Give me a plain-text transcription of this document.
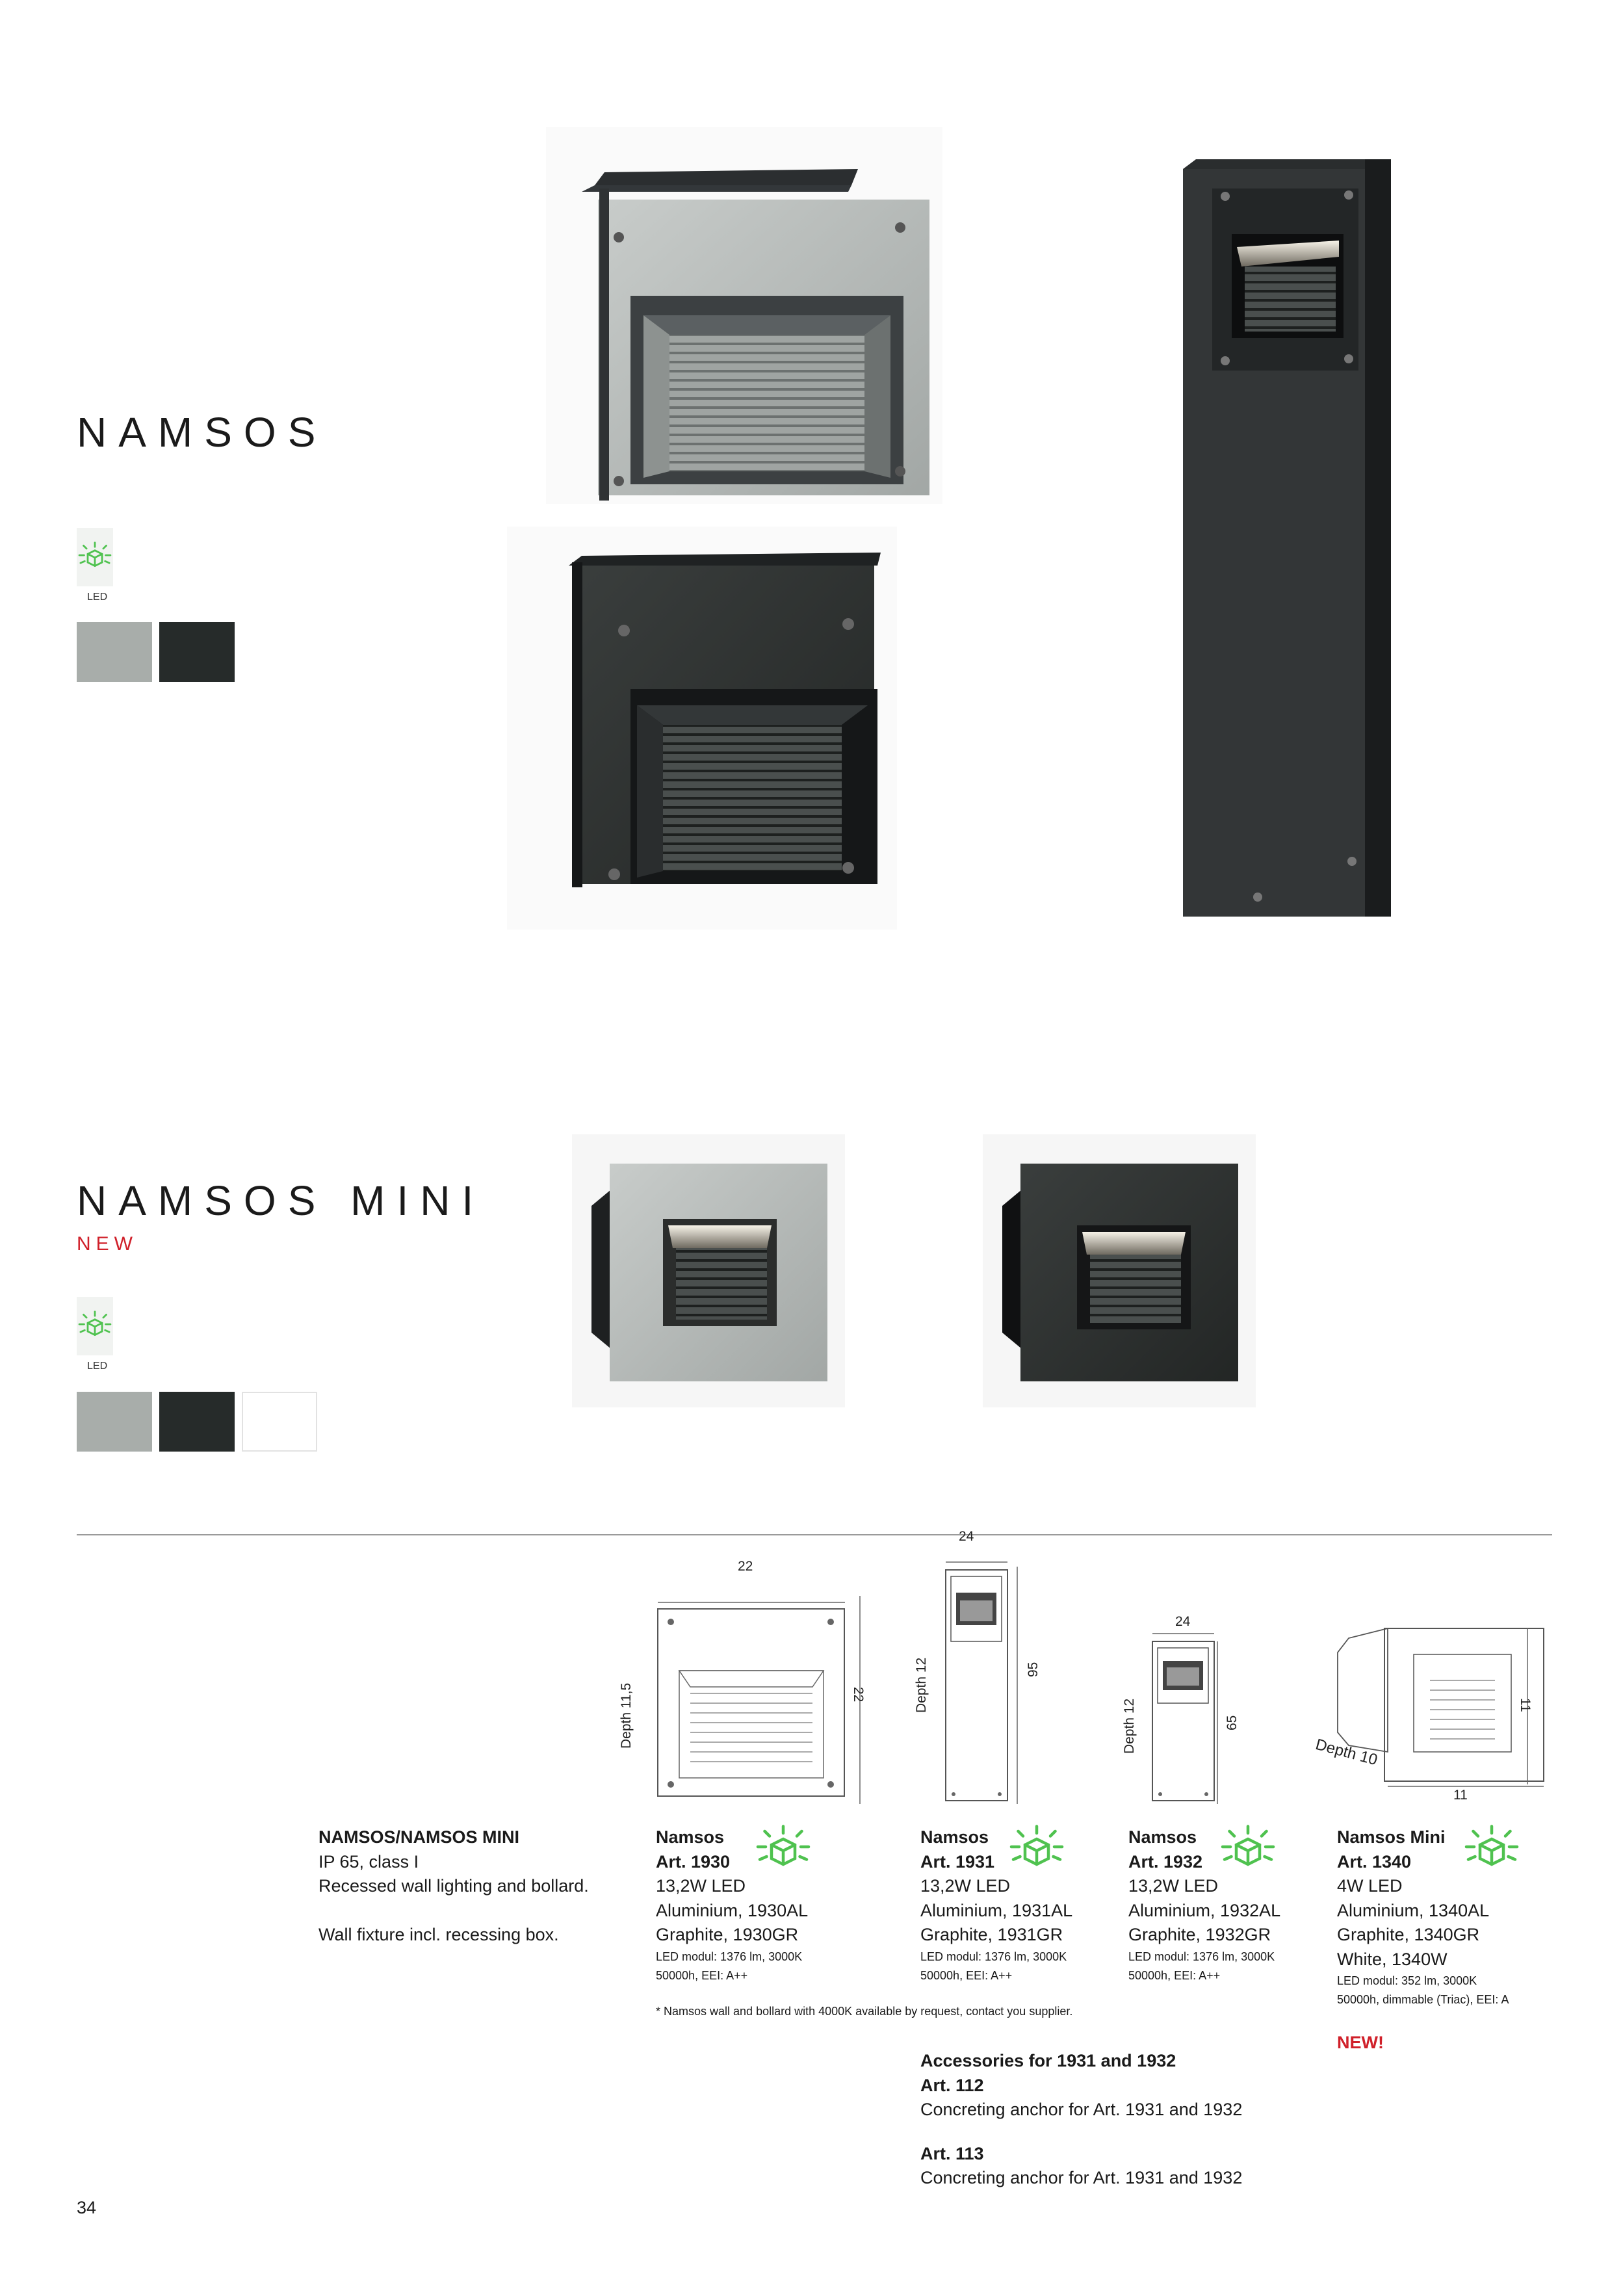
NAMSOS
LED
NAMSOS MINI
NEW
LED
22
22
Depth 11,5
24
95
Depth 12
24
65
Depth 12
11
11
Depth 10
NAMSOS/NAMSOS MINI
IP 65, class I
Recessed wall lighting and bollard.
Wall fixture incl. recessing box.
Namsos
Art. 1930
13,2W LED
Aluminium, 1930AL
Graphite, 1930GR
LED modul: 1376 lm, 3000K
50000h, EEI: A++
Namsos
Art. 1931
13,2W LED
Aluminium, 1931AL
Graphite, 1931GR
LED modul: 1376 lm, 3000K
50000h, EEI: A++
Namsos
Art. 1932
13,2W LED
Aluminium, 1932AL
Graphite, 1932GR
LED modul: 1376 lm, 3000K
50000h, EEI: A++
Namsos Mini
Art. 1340
4W LED
Aluminium, 1340AL
Graphite, 1340GR
White, 1340W
LED modul: 352 lm, 3000K
50000h, dimmable (Triac), EEI: A
NEW!
* Namsos wall and bollard with 4000K available by request, contact you supplier.
Accessories for 1931 and 1932
Art. 112
Concreting anchor for Art. 1931 and 1932
Art. 113
Concreting anchor for Art. 1931 and 1932
34
